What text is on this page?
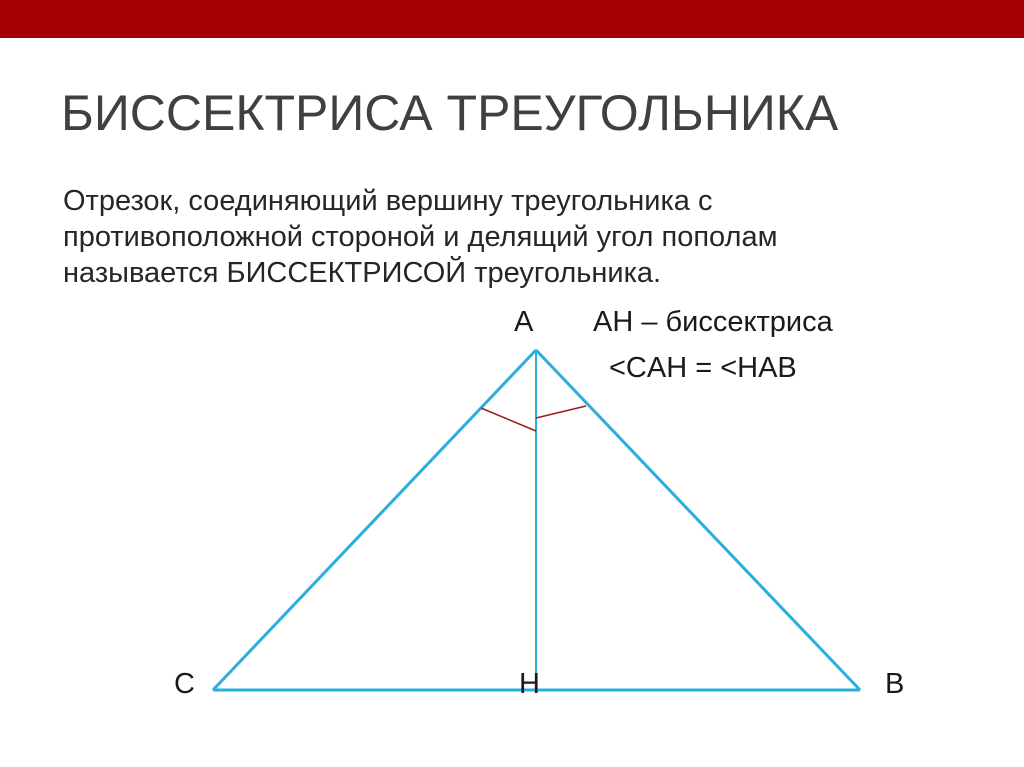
БИССЕКТРИСА ТРЕУГОЛЬНИКА

Отрезок, соединяющий вершину треугольника с
противоположной стороной и делящий угол пополам
называется БИССЕКТРИСОЙ треугольника.

A
C	H	B
AH – биссектриса
<CAH = <HAB
